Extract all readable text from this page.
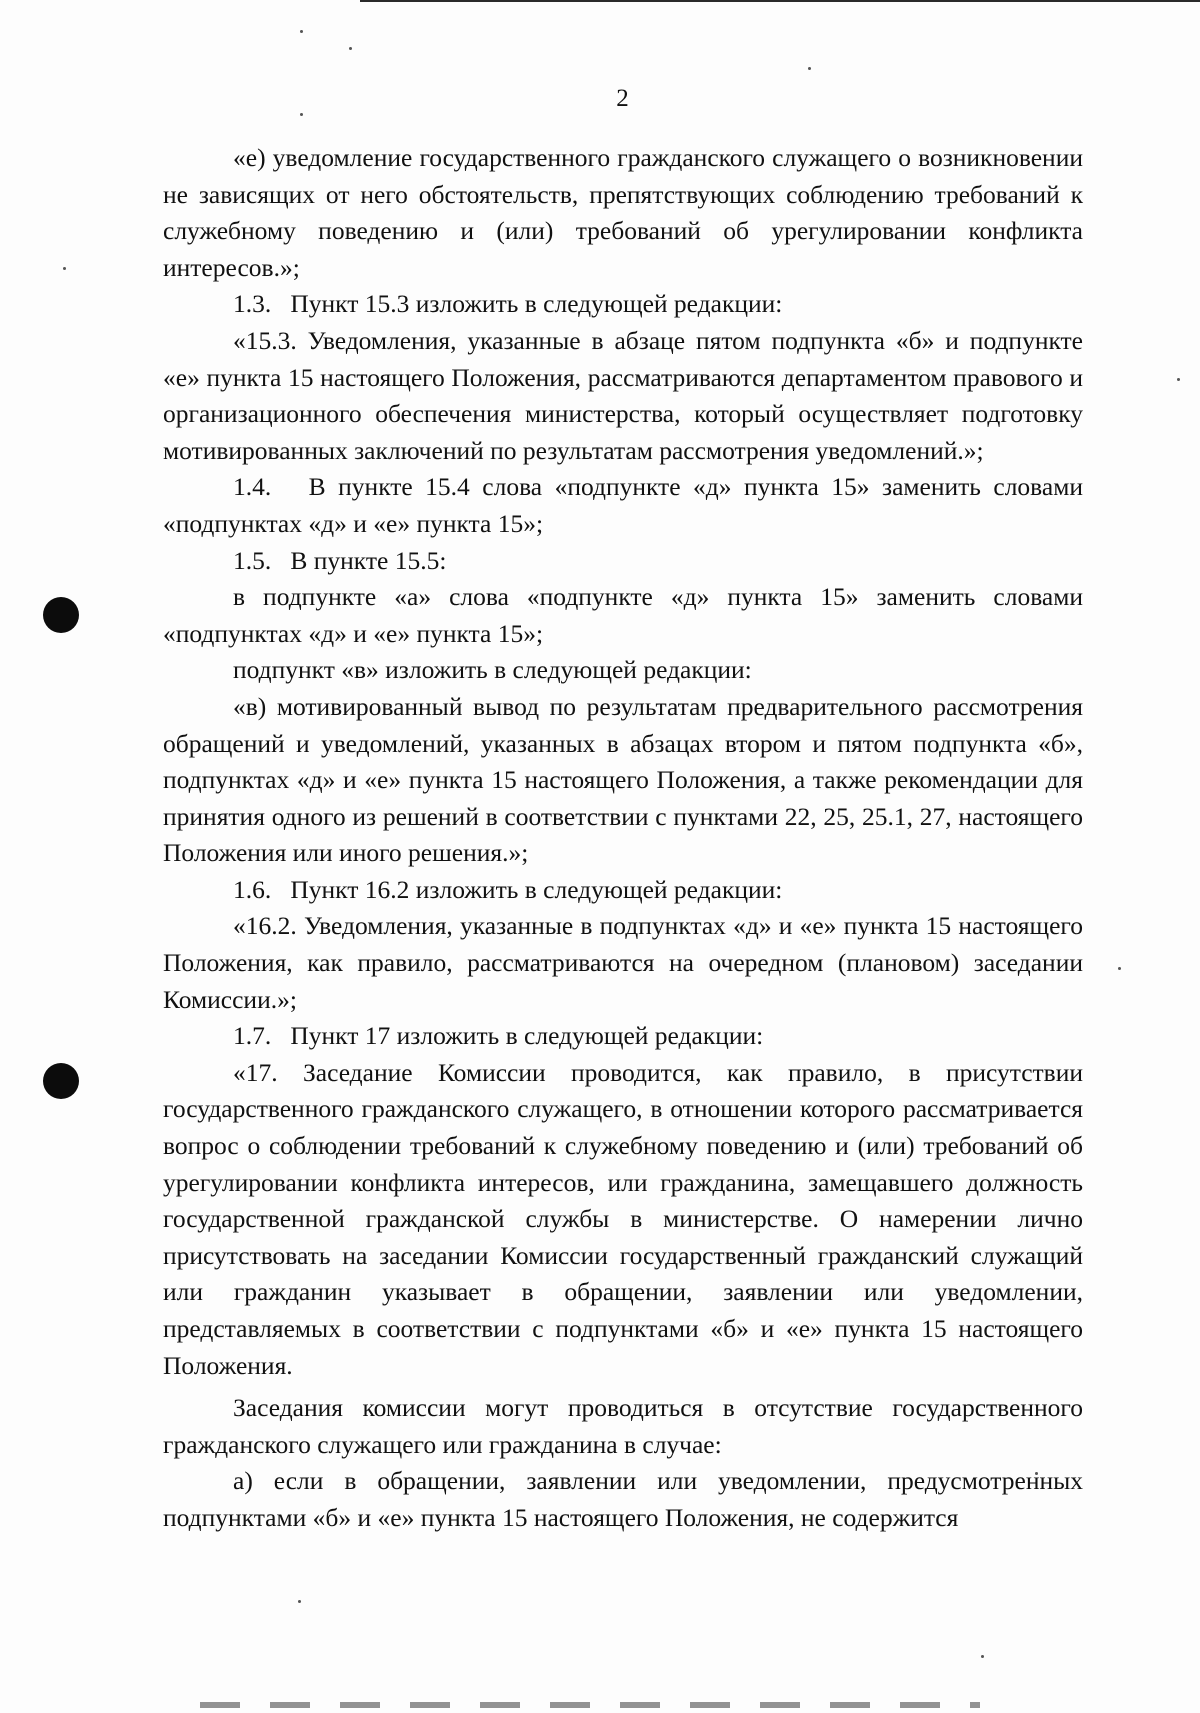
2

«е) уведомление государственного гражданского служащего о возникновении не зависящих от него обстоятельств, препятствующих соблюдению требований к служебному поведению и (или) требований об урегулировании конфликта интересов.»;

1.3.   Пункт 15.3 изложить в следующей редакции:

«15.3. Уведомления, указанные в абзаце пятом подпункта «б» и подпункте «е» пункта 15 настоящего Положения, рассматриваются департаментом правового и организационного обеспечения министерства, который осуществляет подготовку мотивированных заключений по результатам рассмотрения уведомлений.»;

1.4.   В пункте 15.4 слова «подпункте «д» пункта 15» заменить словами «подпунктах «д» и «е» пункта 15»;

1.5.   В пункте 15.5:

в подпункте «а» слова «подпункте «д» пункта 15» заменить словами «подпунктах «д» и «е» пункта 15»;

подпункт «в» изложить в следующей редакции:

«в) мотивированный вывод по результатам предварительного рассмотрения обращений и уведомлений, указанных в абзацах втором и пятом подпункта «б», подпунктах «д» и «е» пункта 15 настоящего Положения, а также рекомендации для принятия одного из решений в соответствии с пунктами 22, 25, 25.1, 27, настоящего Положения или иного решения.»;

1.6.   Пункт 16.2 изложить в следующей редакции:

«16.2. Уведомления, указанные в подпунктах «д» и «е» пункта 15 настоящего Положения, как правило, рассматриваются на очередном (плановом) заседании Комиссии.»;

1.7.   Пункт 17 изложить в следующей редакции:

«17. Заседание Комиссии проводится, как правило, в присутствии государственного гражданского служащего, в отношении которого рассматривается вопрос о соблюдении требований к служебному поведению и (или) требований об урегулировании конфликта интересов, или гражданина, замещавшего должность государственной гражданской службы в министерстве. О намерении лично присутствовать на заседании Комиссии государственный гражданский служащий или гражданин указывает в обращении, заявлении или уведомлении, представляемых в соответствии с подпунктами «б» и «е» пункта 15 настоящего Положения.

Заседания комиссии могут проводиться в отсутствие государственного гражданского служащего или гражданина в случае:

а) если в обращении, заявлении или уведомлении, предусмотренных подпунктами «б» и «е» пункта 15 настоящего Положения, не содержится
